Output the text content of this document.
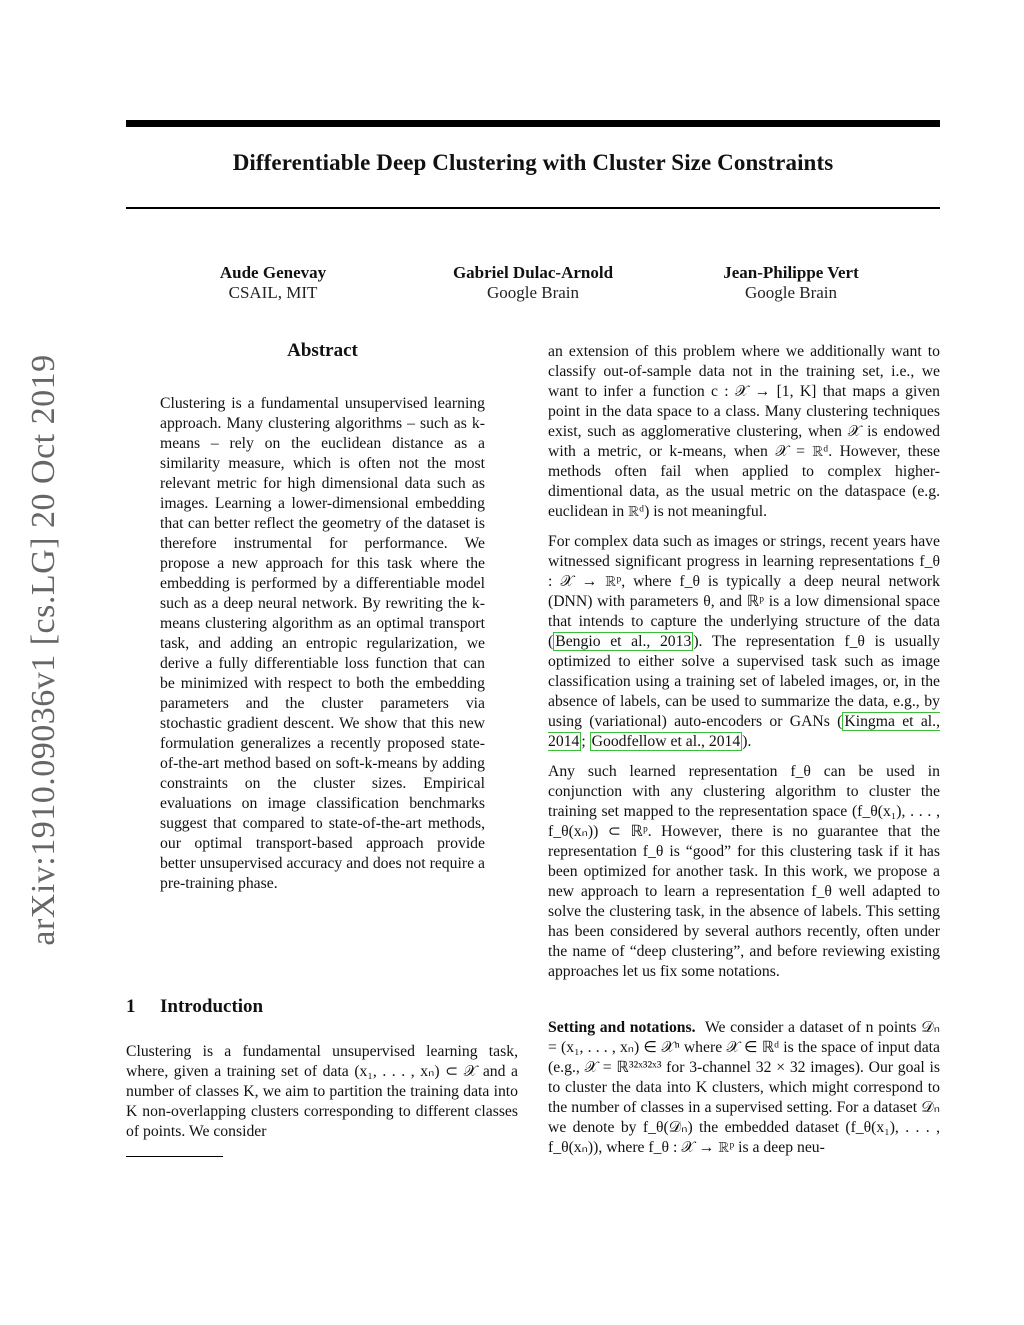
Differentiable Deep Clustering with Cluster Size Constraints
arXiv:1910.09036v1 [cs.LG] 20 Oct 2019
Aude Genevay
CSAIL, MIT
Gabriel Dulac-Arnold
Google Brain
Jean-Philippe Vert
Google Brain
Abstract

Clustering is a fundamental unsupervised learning approach. Many clustering algorithms – such as k-means – rely on the euclidean distance as a similarity measure, which is often not the most relevant metric for high dimensional data such as images. Learning a lower-dimensional embedding that can better reflect the geometry of the dataset is therefore instrumental for performance. We propose a new approach for this task where the embedding is performed by a differentiable model such as a deep neural network. By rewriting the k-means clustering algorithm as an optimal transport task, and adding an entropic regularization, we derive a fully differentiable loss function that can be minimized with respect to both the embedding parameters and the cluster parameters via stochastic gradient descent. We show that this new formulation generalizes a recently proposed state-of-the-art method based on soft-k-means by adding constraints on the cluster sizes. Empirical evaluations on image classification benchmarks suggest that compared to state-of-the-art methods, our optimal transport-based approach provide better unsupervised accuracy and does not require a pre-training phase.

1 Introduction

Clustering is a fundamental unsupervised learning task, where, given a training set of data (x₁, . . . , xₙ) ⊂ 𝒳 and a number of classes K, we aim to partition the training data into K non-overlapping clusters corresponding to different classes of points. We consider

an extension of this problem where we additionally want to classify out-of-sample data not in the training set, i.e., we want to infer a function c : 𝒳 → [1, K] that maps a given point in the data space to a class. Many clustering techniques exist, such as agglomerative clustering, when 𝒳 is endowed with a metric, or k-means, when 𝒳 = ℝᵈ. However, these methods often fail when applied to complex higher-dimentional data, as the usual metric on the dataspace (e.g. euclidean in ℝᵈ) is not meaningful.

For complex data such as images or strings, recent years have witnessed significant progress in learning representations f_θ : 𝒳 → ℝᵖ, where f_θ is typically a deep neural network (DNN) with parameters θ, and ℝᵖ is a low dimensional space that intends to capture the underlying structure of the data ( Bengio et al., 2013 ). The representation f_θ is usually optimized to either solve a supervised task such as image classification using a training set of labeled images, or, in the absence of labels, can be used to summarize the data, e.g., by using (variational) auto-encoders or GANs ( Kingma et al., 2014 ; Goodfellow et al., 2014 ).

Any such learned representation f_θ can be used in conjunction with any clustering algorithm to cluster the training set mapped to the representation space (f_θ(x₁), . . . , f_θ(xₙ)) ⊂ ℝᵖ. However, there is no guarantee that the representation f_θ is “good” for this clustering task if it has been optimized for another task. In this work, we propose a new approach to learn a representation f_θ well adapted to solve the clustering task, in the absence of labels. This setting has been considered by several authors recently, often under the name of “deep clustering”, and before reviewing existing approaches let us fix some notations.

Setting and notations. We consider a dataset of n points 𝒟ₙ = (x₁, . . . , xₙ) ∈ 𝒳ⁿ where 𝒳 ∈ ℝᵈ is the space of input data (e.g., 𝒳 = ℝ³²ˣ³²ˣ³ for 3-channel 32 × 32 images). Our goal is to cluster the data into K clusters, which might correspond to the number of classes in a supervised setting. For a dataset 𝒟ₙ we denote by f_θ(𝒟ₙ) the embedded dataset (f_θ(x₁), . . . , f_θ(xₙ)), where f_θ : 𝒳 → ℝᵖ is a deep neu-
